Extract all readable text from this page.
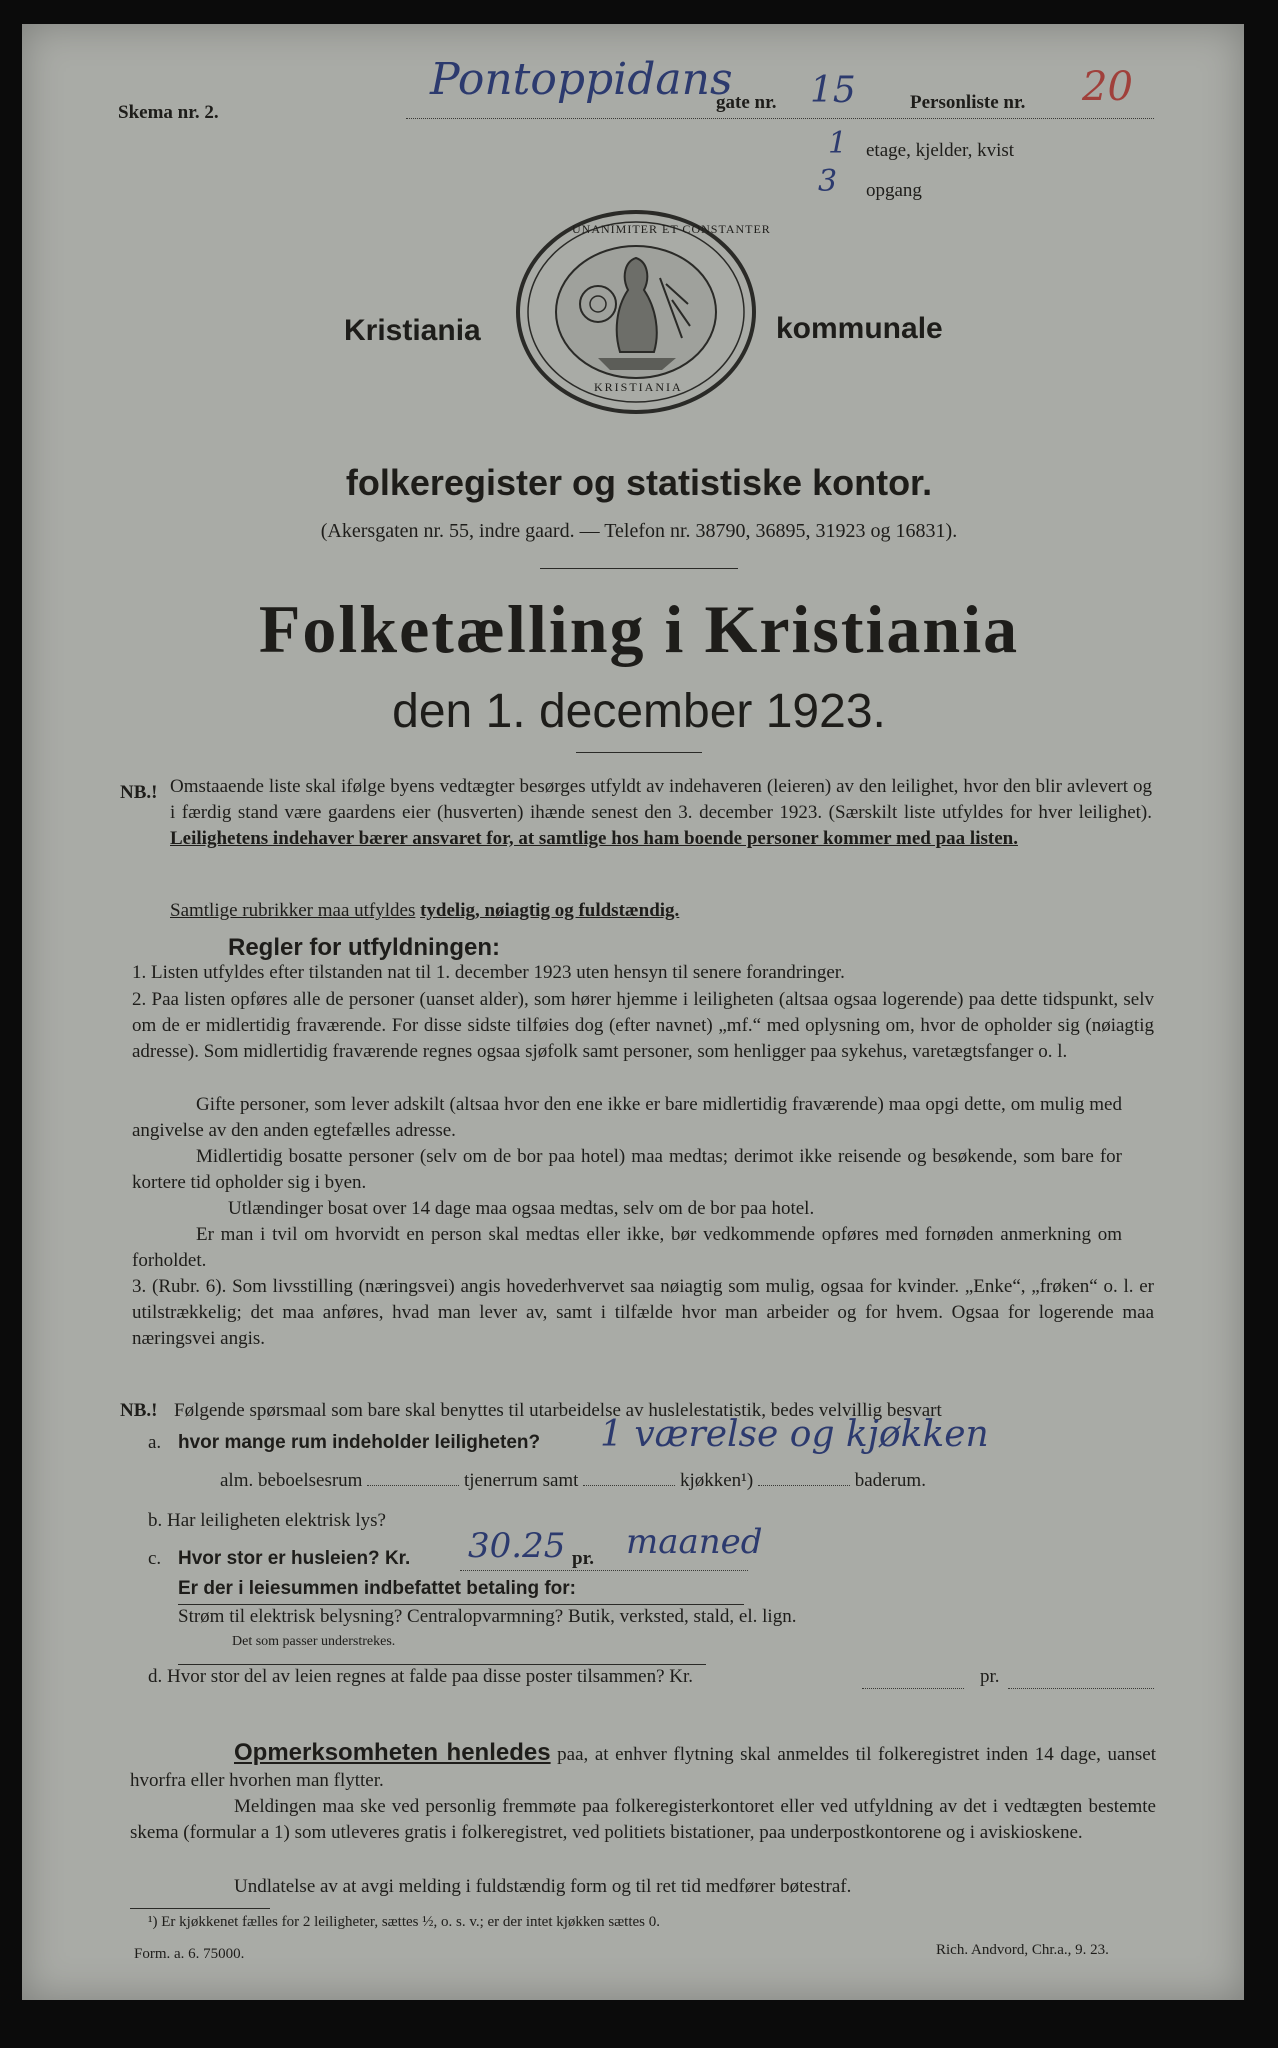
Skema nr. 2.
Pontoppidans
gate nr. 15	Personliste nr. 20
1 etage, kjelder, kvist
3 opgang
Kristiania
UNANIMITER ET CONSTANTER
KRISTIANIA
kommunale
folkeregister og statistiske kontor.
(Akersgaten nr. 55, indre gaard. — Telefon nr. 38790, 36895, 31923 og 16831).
Folketælling i Kristiania
den 1. december 1923.
NB.! Omstaaende liste skal ifølge byens vedtægter besørges utfyldt av indehaveren (leieren) av den leilighet, hvor den blir avlevert og i færdig stand være gaardens eier (husverten) ihænde senest den 3. december 1923. (Særskilt liste utfyldes for hver leilighet). Leilighetens indehaver bærer ansvaret for, at samtlige hos ham boende personer kommer med paa listen.

Samtlige rubrikker maa utfyldes tydelig, nøiagtig og fuldstændig.
Regler for utfyldningen:

1. Listen utfyldes efter tilstanden nat til 1. december 1923 uten hensyn til senere forandringer.

2. Paa listen opføres alle de personer (uanset alder), som hører hjemme i leiligheten (altsaa ogsaa logerende) paa dette tidspunkt, selv om de er midlertidig fraværende. For disse sidste tilføies dog (efter navnet) „mf.“ med oplysning om, hvor de opholder sig (nøiagtig adresse). Som midlertidig fraværende regnes ogsaa sjøfolk samt personer, som henligger paa sykehus, varetægtsfanger o. l.

Gifte personer, som lever adskilt (altsaa hvor den ene ikke er bare midlertidig fraværende) maa opgi dette, om mulig med angivelse av den anden egtefælles adresse.

Midlertidig bosatte personer (selv om de bor paa hotel) maa medtas; derimot ikke reisende og besøkende, som bare for kortere tid opholder sig i byen.

Utlændinger bosat over 14 dage maa ogsaa medtas, selv om de bor paa hotel.

Er man i tvil om hvorvidt en person skal medtas eller ikke, bør vedkommende opføres med fornøden anmerkning om forholdet.

3. (Rubr. 6). Som livsstilling (næringsvei) angis hovederhvervet saa nøiagtig som mulig, ogsaa for kvinder. „Enke“, „frøken“ o. l. er utilstrækkelig; det maa anføres, hvad man lever av, samt i tilfælde hvor man arbeider og for hvem. Ogsaa for logerende maa næringsvei angis.

NB.! Følgende spørsmaal som bare skal benyttes til utarbeidelse av huslelestatistik, bedes velvillig besvart
a. hvor mange rum indeholder leiligheten? 1 værelse og kjøkken
alm. beboelsesrum	tjenerrum samt	kjøkken¹)	baderum.
b. Har leiligheten elektrisk lys?
c. Hvor stor er husleien? Kr. 30.25 pr. maaned
Er der i leiesummen indbefattet betaling for:
Strøm til elektrisk belysning? Centralopvarmning? Butik, verksted, stald, el. lign.
Det som passer understrekes.
d. Hvor stor del av leien regnes at falde paa disse poster tilsammen? Kr.	pr.

Opmerksomheten henledes paa, at enhver flytning skal anmeldes til folkeregistret inden 14 dage, uanset hvorfra eller hvorhen man flytter.

Meldingen maa ske ved personlig fremmøte paa folkeregisterkontoret eller ved utfyldning av det i vedtægten bestemte skema (formular a 1) som utleveres gratis i folkeregistret, ved politiets bistationer, paa underpostkontorene og i aviskioskene.

Undlatelse av at avgi melding i fuldstændig form og til ret tid medfører bøtestraf.

¹) Er kjøkkenet fælles for 2 leiligheter, sættes ½, o. s. v.; er der intet kjøkken sættes 0.
Form. a. 6. 75000.	Rich. Andvord, Chr.a., 9. 23.
